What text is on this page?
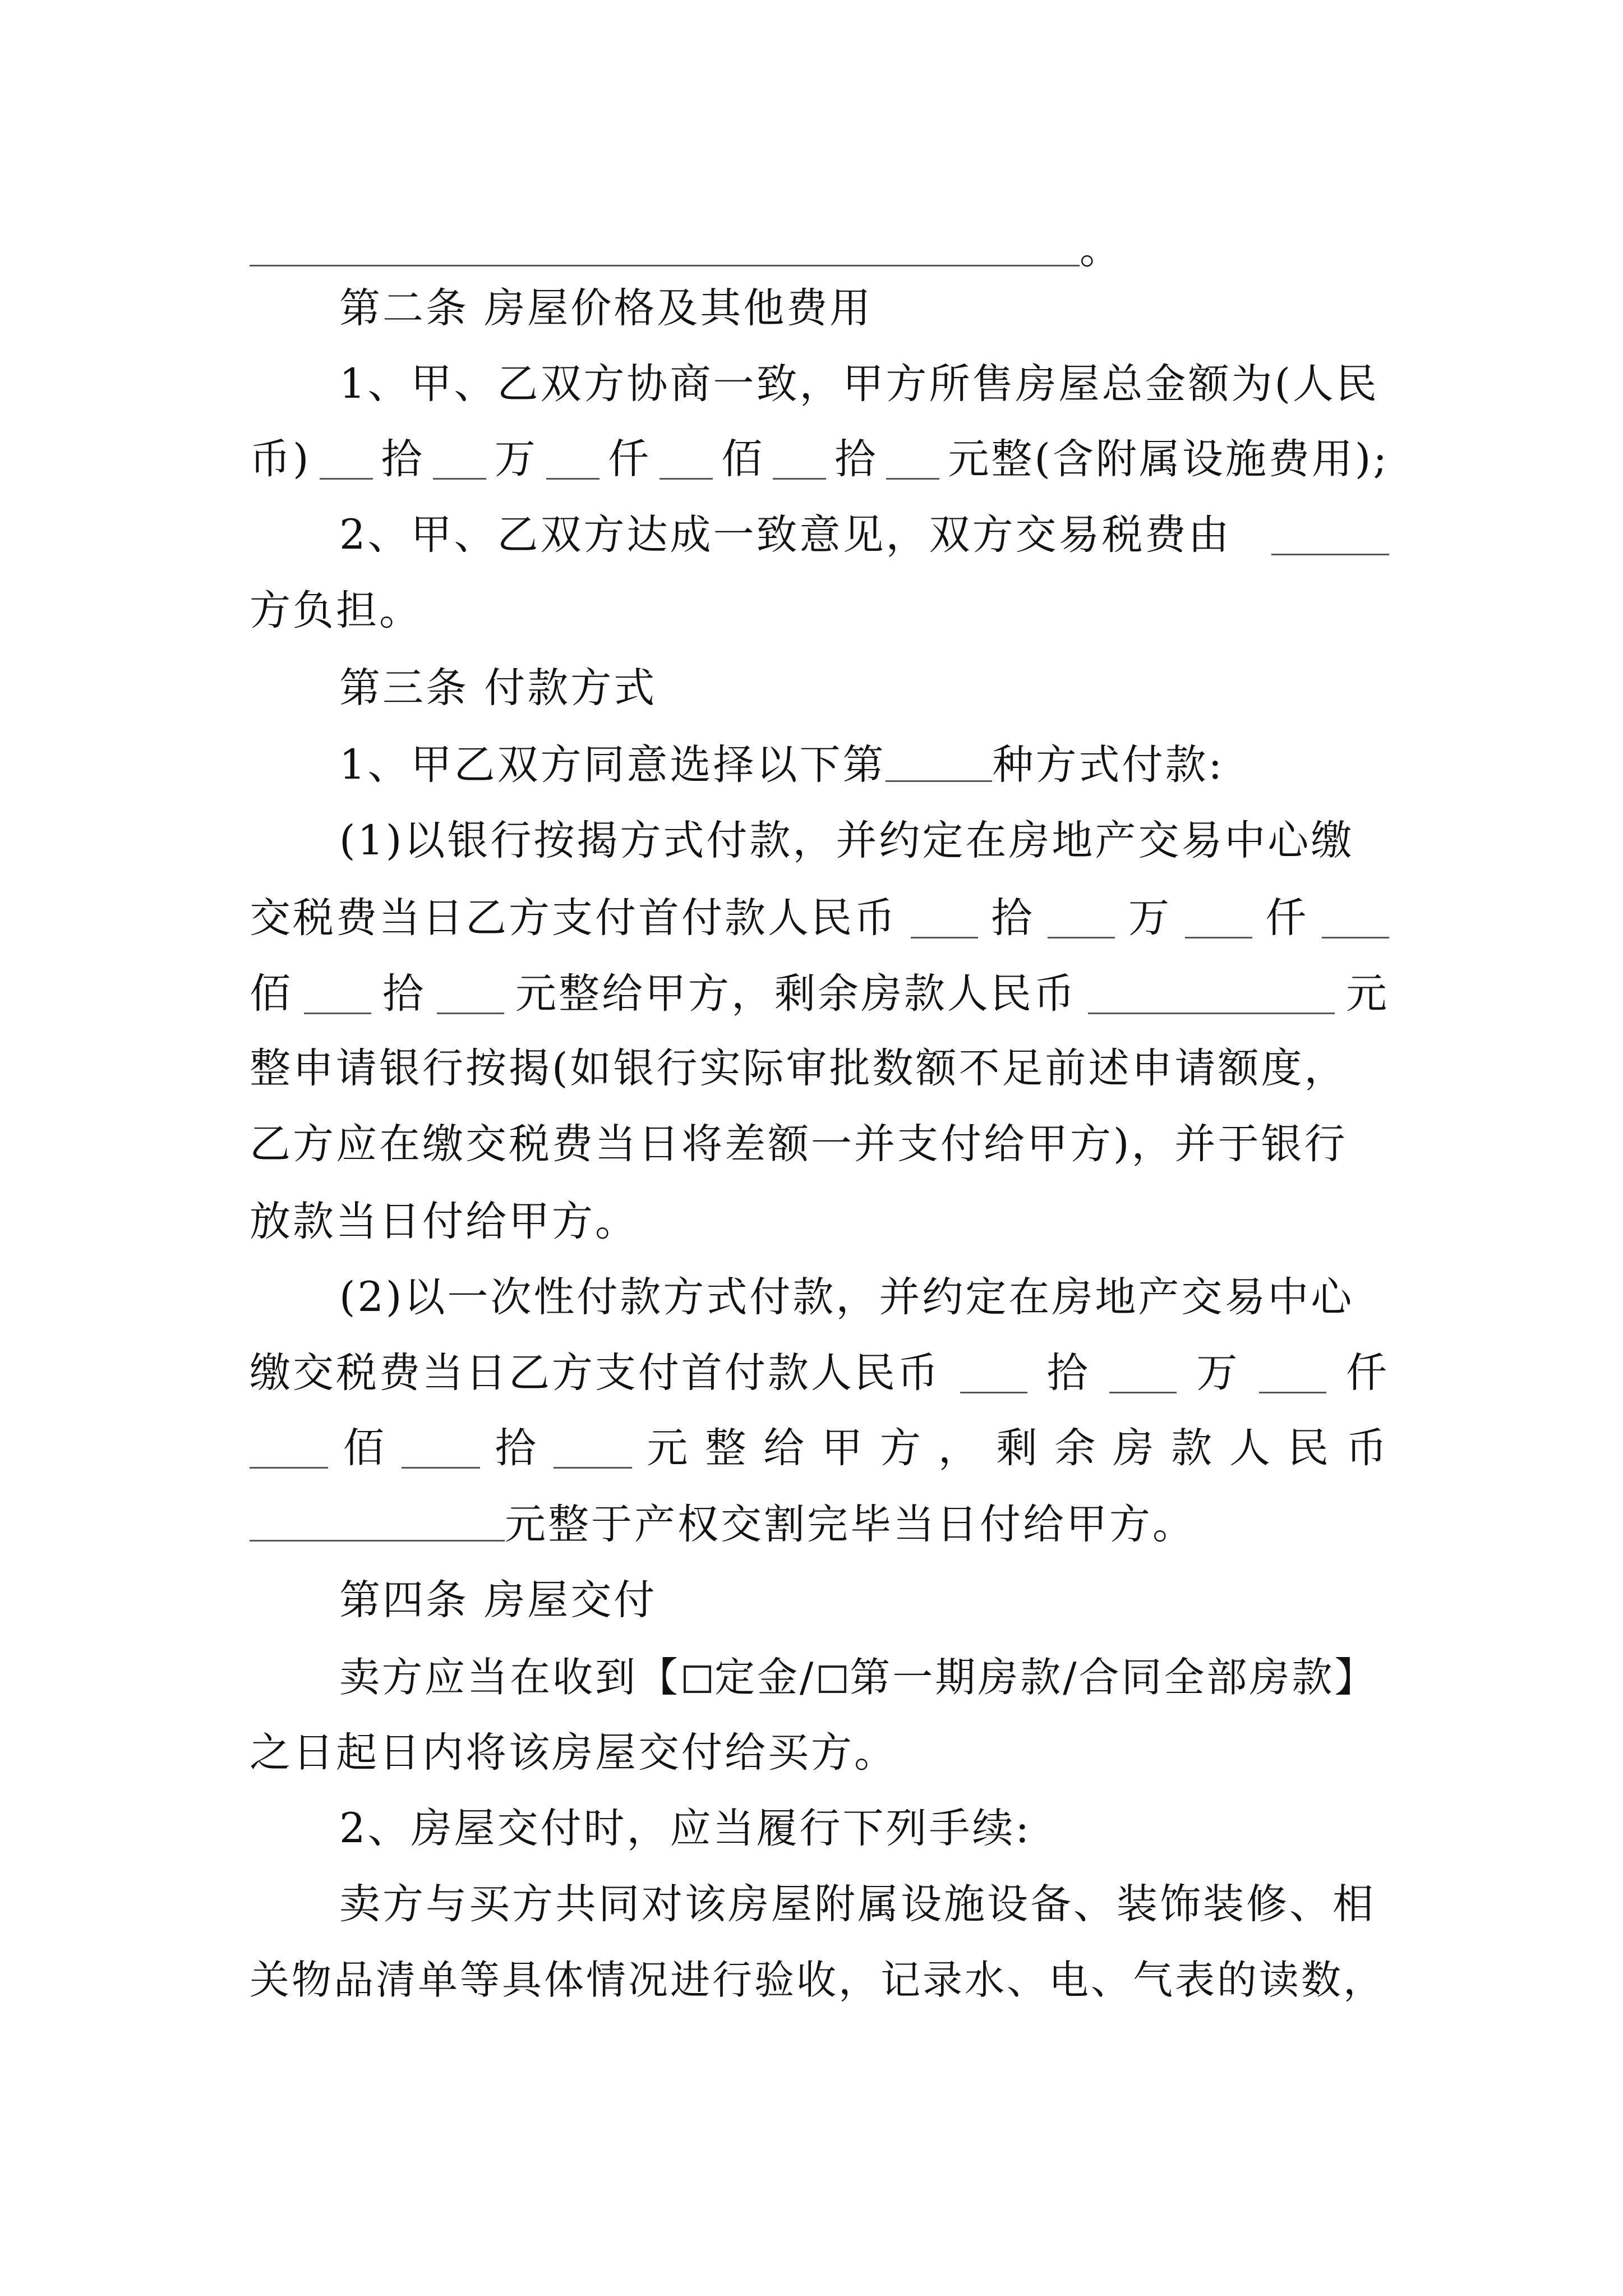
。
第二条 房屋价格及其他费用
1、甲、乙双方协商一致，甲方所售房屋总金额为(人民
币) 拾 万 仟 佰 拾 元整(含附属设施费用);
2、甲、乙双方达成一致意见，双方交易税费由
方负担。
第三条 付款方式
1、甲乙双方同意选择以下第	种方式付款:
(1)以银行按揭方式付款，并约定在房地产交易中心缴
交税费当日乙方支付首付款人民币 拾 万 仟
佰 拾 元整给甲方，剩余房款人民币	元
整申请银行按揭(如银行实际审批数额不足前述申请额度，
乙方应在缴交税费当日将差额一并支付给甲方)，并于银行
放款当日付给甲方。
(2)以一次性付款方式付款，并约定在房地产交易中心
缴交税费当日乙方支付首付款人民币	拾	万	仟
佰	拾	元 整 给 甲 方 ， 剩 余 房 款 人 民 币
元整于产权交割完毕当日付给甲方。
第四条 房屋交付
卖方应当在收到【 定金/ 第一期房款/合同全部房款】
之日起日内将该房屋交付给买方。
2、房屋交付时，应当履行下列手续:
卖方与买方共同对该房屋附属设施设备、装饰装修、相
关物品清单等具体情况进行验收，记录水、电、气表的读数，
